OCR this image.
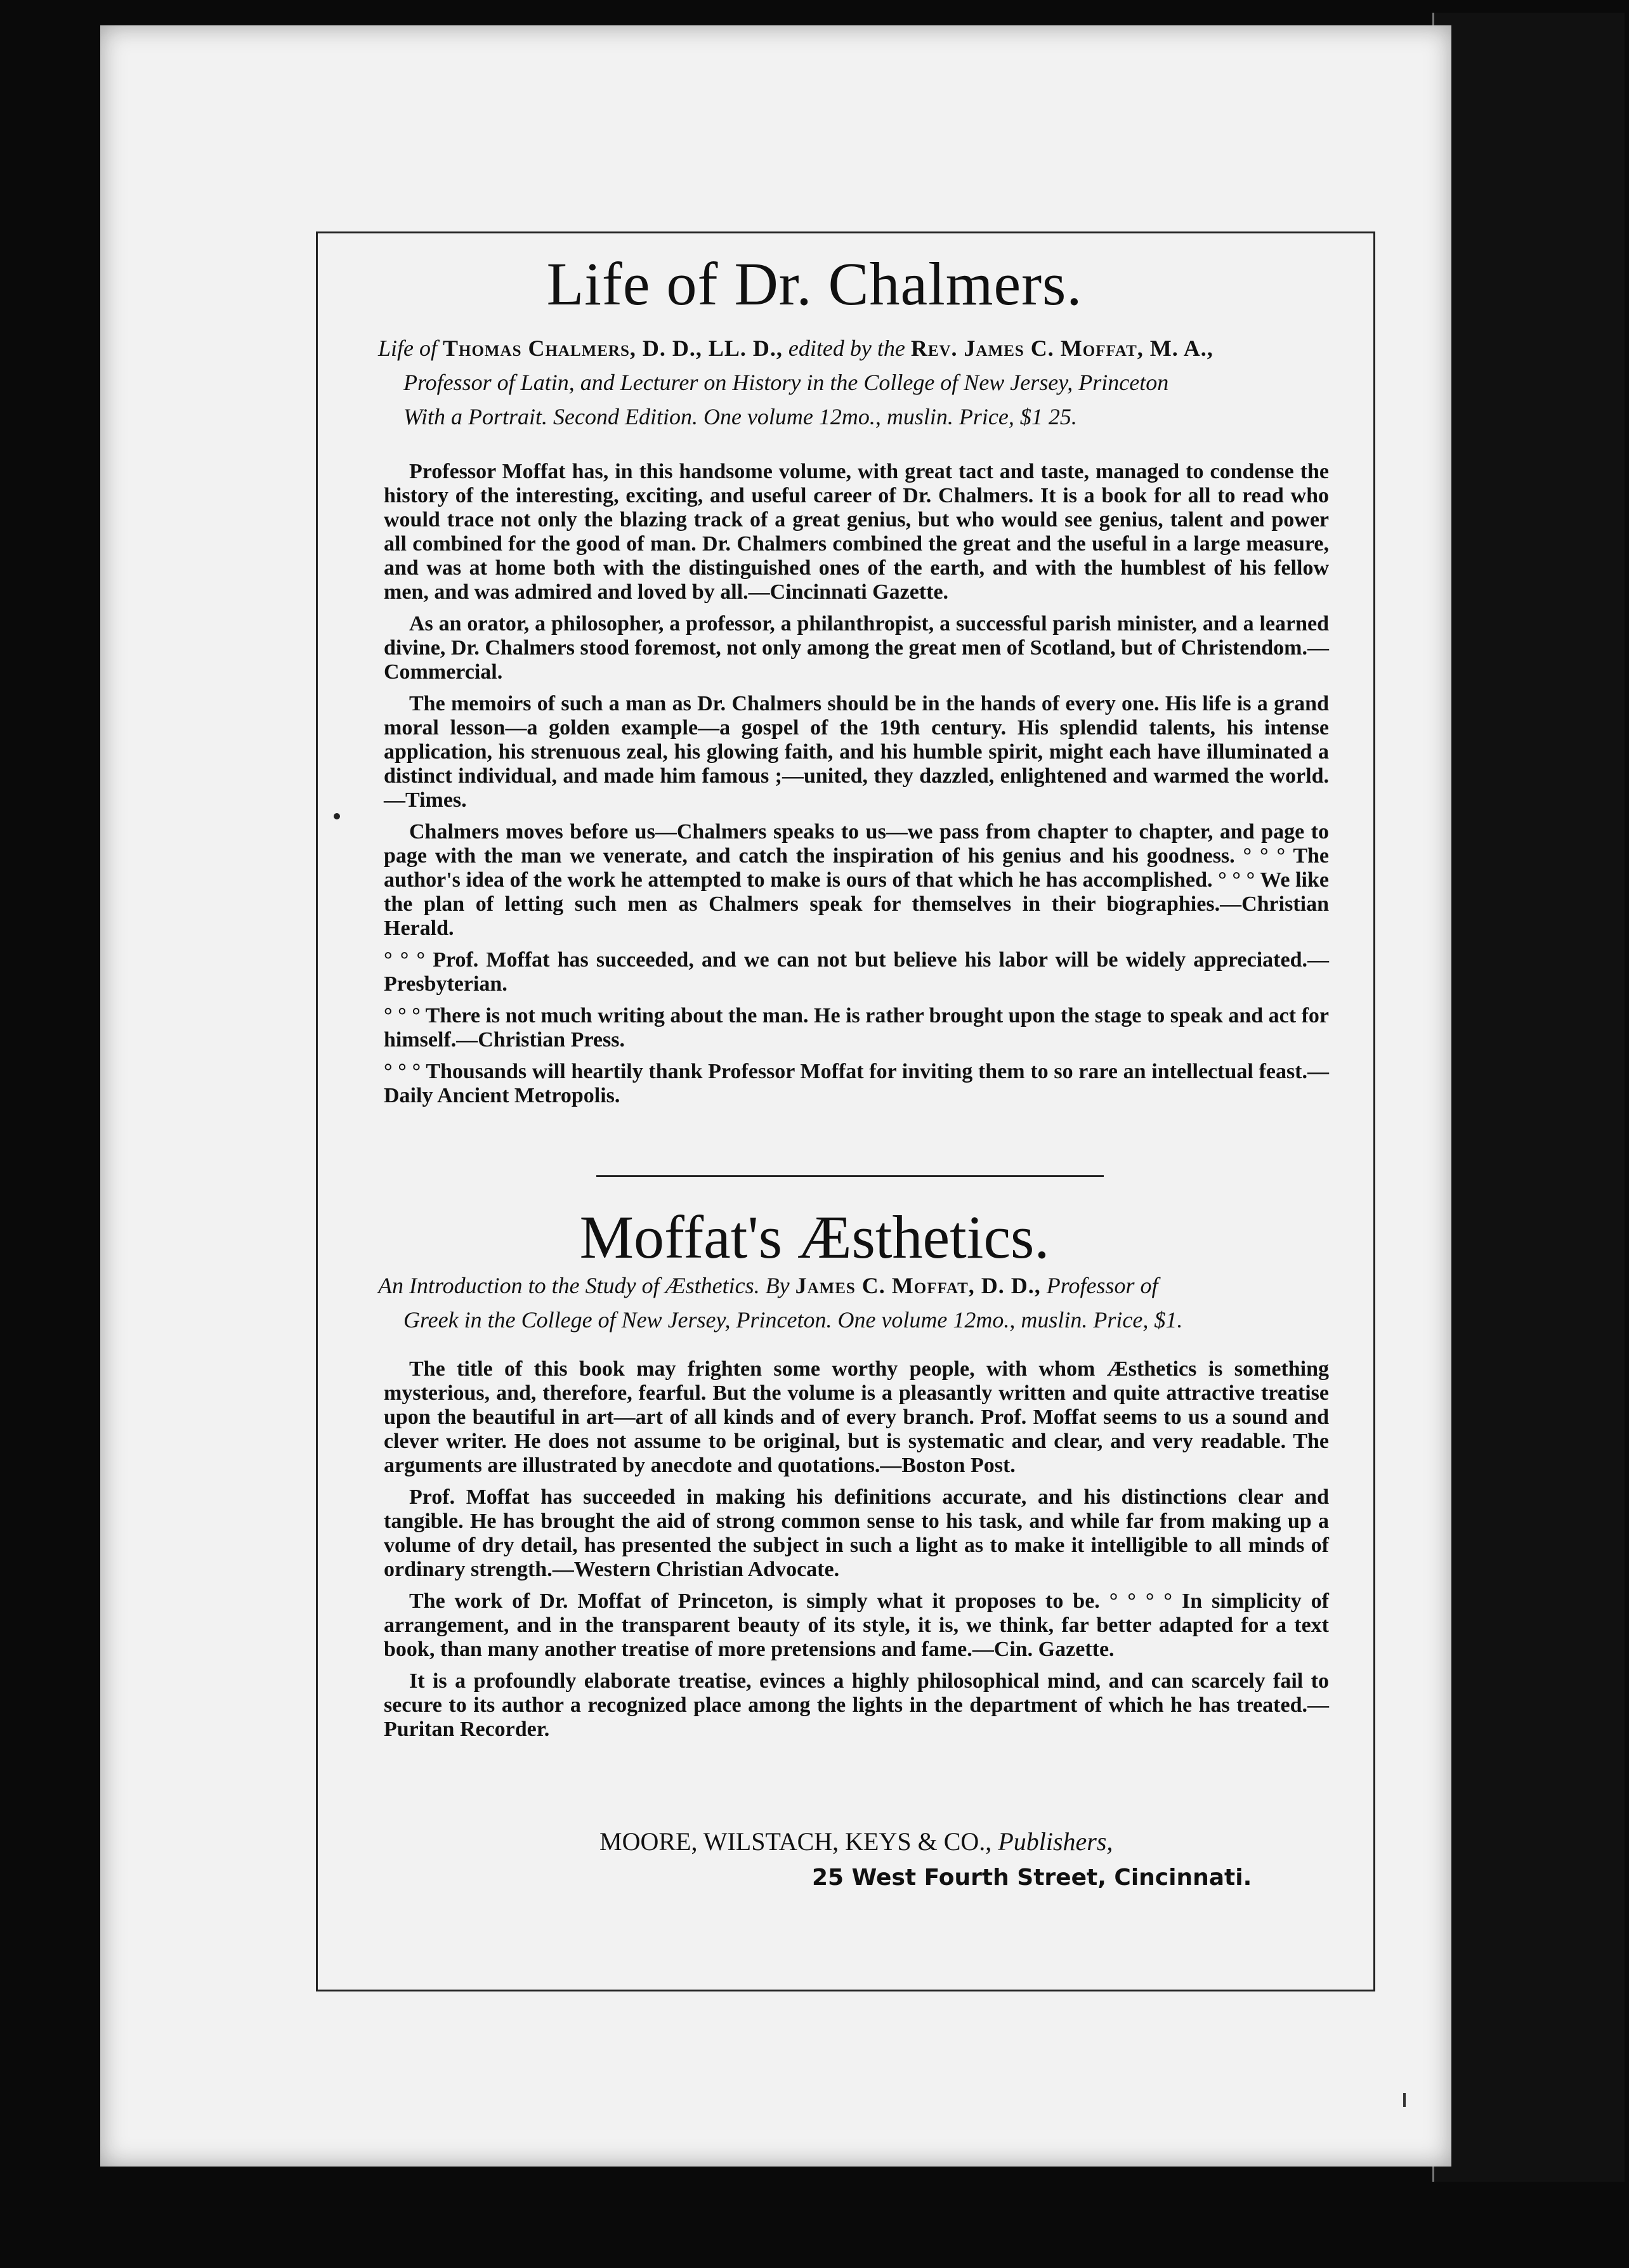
Life of Dr. Chalmers.
Life of Thomas Chalmers, D. D., LL. D., edited by the Rev. James C. Moffat, M. A.,
Professor of Latin, and Lecturer on History in the College of New Jersey, Princeton
With a Portrait. Second Edition. One volume 12mo., muslin. Price, $1 25.

Professor Moffat has, in this handsome volume, with great tact and taste, managed to condense the history of the interesting, exciting, and useful career of Dr. Chalmers. It is a book for all to read who would trace not only the blazing track of a great genius, but who would see genius, talent and power all combined for the good of man. Dr. Chalmers combined the great and the useful in a large measure, and was at home both with the distinguished ones of the earth, and with the humblest of his fellow men, and was admired and loved by all.—Cincinnati Gazette.

As an orator, a philosopher, a professor, a philanthropist, a successful parish minister, and a learned divine, Dr. Chalmers stood foremost, not only among the great men of Scotland, but of Christendom.—Commercial.

The memoirs of such a man as Dr. Chalmers should be in the hands of every one. His life is a grand moral lesson—a golden example—a gospel of the 19th century. His splendid talents, his intense application, his strenuous zeal, his glowing faith, and his humble spirit, might each have illuminated a distinct individual, and made him famous ;—united, they dazzled, enlightened and warmed the world.—Times.

Chalmers moves before us—Chalmers speaks to us—we pass from chapter to chapter, and page to page with the man we venerate, and catch the inspiration of his genius and his goodness. ° ° ° The author's idea of the work he attempted to make is ours of that which he has accomplished. ° ° ° We like the plan of letting such men as Chalmers speak for themselves in their biographies.—Christian Herald.

° ° ° Prof. Moffat has succeeded, and we can not but believe his labor will be widely appreciated.—Presbyterian.

° ° ° There is not much writing about the man. He is rather brought upon the stage to speak and act for himself.—Christian Press.

° ° ° Thousands will heartily thank Professor Moffat for inviting them to so rare an intellectual feast.—Daily Ancient Metropolis.

Moffat's Æsthetics.
An Introduction to the Study of Æsthetics. By James C. Moffat, D. D., Professor of
Greek in the College of New Jersey, Princeton. One volume 12mo., muslin. Price, $1.

The title of this book may frighten some worthy people, with whom Æsthetics is something mysterious, and, therefore, fearful. But the volume is a pleasantly written and quite attractive treatise upon the beautiful in art—art of all kinds and of every branch. Prof. Moffat seems to us a sound and clever writer. He does not assume to be original, but is systematic and clear, and very readable. The arguments are illustrated by anecdote and quotations.—Boston Post.

Prof. Moffat has succeeded in making his definitions accurate, and his distinctions clear and tangible. He has brought the aid of strong common sense to his task, and while far from making up a volume of dry detail, has presented the subject in such a light as to make it intelligible to all minds of ordinary strength.—Western Christian Advocate.

The work of Dr. Moffat of Princeton, is simply what it proposes to be. ° ° ° ° In simplicity of arrangement, and in the transparent beauty of its style, it is, we think, far better adapted for a text book, than many another treatise of more pretensions and fame.—Cin. Gazette.

It is a profoundly elaborate treatise, evinces a highly philosophical mind, and can scarcely fail to secure to its author a recognized place among the lights in the department of which he has treated.—Puritan Recorder.

MOORE, WILSTACH, KEYS & CO., Publishers,
25 West Fourth Street, Cincinnati.
